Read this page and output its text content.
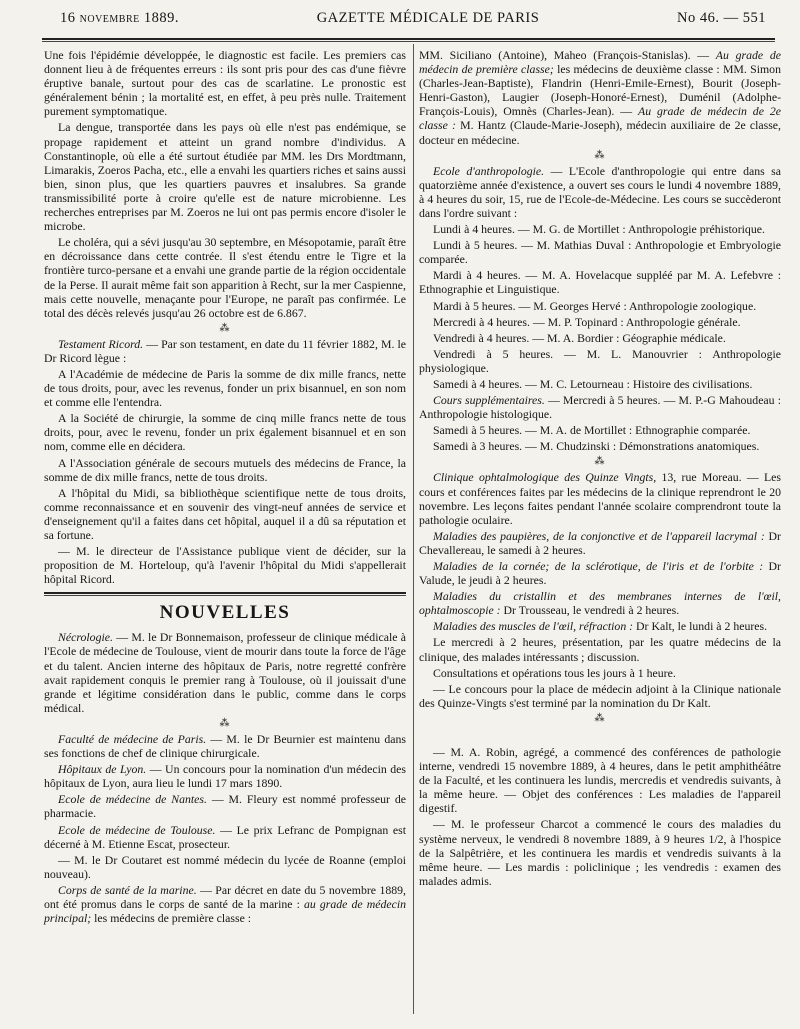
16 novembre 1889.	GAZETTE MÉDICALE DE PARIS	No 46. — 551

Une fois l'épidémie développée, le diagnostic est facile. Les premiers cas donnent lieu à de fréquentes erreurs : ils sont pris pour des cas d'une fièvre éruptive banale, surtout pour des cas de scarlatine. Le pronostic est généralement bénin ; la mortalité est, en effet, à peu près nulle. Traitement purement symptomatique.

La dengue, transportée dans les pays où elle n'est pas endémique, se propage rapidement et atteint un grand nombre d'individus. A Constantinople, où elle a été surtout étudiée par MM. les Drs Mordtmann, Limarakis, Zoeros Pacha, etc., elle a envahi les quartiers riches et sains aussi bien, sinon plus, que les quartiers pauvres et insalubres. Sa grande transmissibilité porte à croire qu'elle est de nature microbienne. Les recherches entreprises par M. Zoeros ne lui ont pas permis encore d'isoler le microbe.

Le choléra, qui a sévi jusqu'au 30 septembre, en Mésopotamie, paraît être en décroissance dans cette contrée. Il s'est étendu entre le Tigre et la frontière turco-persane et a envahi une grande partie de la région occidentale de la Perse. Il aurait même fait son apparition à Recht, sur la mer Caspienne, mais cette nouvelle, menaçante pour l'Europe, ne paraît pas confirmée. Le total des décès relevés jusqu'au 26 octobre est de 6.867.

⁂

Testament Ricord. — Par son testament, en date du 11 février 1882, M. le Dr Ricord lègue :

A l'Académie de médecine de Paris la somme de dix mille francs, nette de tous droits, pour, avec les revenus, fonder un prix bisannuel, en son nom et comme elle l'entendra.

A la Société de chirurgie, la somme de cinq mille francs nette de tous droits, pour, avec le revenu, fonder un prix également bisannuel et en son nom, comme elle en décidera.

A l'Association générale de secours mutuels des médecins de France, la somme de dix mille francs, nette de tous droits.

A l'hôpital du Midi, sa bibliothèque scientifique nette de tous droits, comme reconnaissance et en souvenir des vingt-neuf années de service et d'enseignement qu'il a faites dans cet hôpital, auquel il a dû sa réputation et sa fortune.

— M. le directeur de l'Assistance publique vient de décider, sur la proposition de M. Horteloup, qu'à l'avenir l'hôpital du Midi s'appellerait hôpital Ricord.

NOUVELLES

Nécrologie. — M. le Dr Bonnemaison, professeur de clinique médicale à l'Ecole de médecine de Toulouse, vient de mourir dans toute la force de l'âge et du talent. Ancien interne des hôpitaux de Paris, notre regretté confrère avait rapidement conquis le premier rang à Toulouse, où il jouissait d'une grande et légitime considération dans le public, comme dans le corps médical.

⁂

Faculté de médecine de Paris. — M. le Dr Beurnier est maintenu dans ses fonctions de chef de clinique chirurgicale.

Hôpitaux de Lyon. — Un concours pour la nomination d'un médecin des hôpitaux de Lyon, aura lieu le lundi 17 mars 1890.

Ecole de médecine de Nantes. — M. Fleury est nommé professeur de pharmacie.

Ecole de médecine de Toulouse. — Le prix Lefranc de Pompignan est décerné à M. Etienne Escat, prosecteur.

— M. le Dr Coutaret est nommé médecin du lycée de Roanne (emploi nouveau).

Corps de santé de la marine. — Par décret en date du 5 novembre 1889, ont été promus dans le corps de santé de la marine : au grade de médecin principal; les médecins de première classe :

MM. Siciliano (Antoine), Maheo (François-Stanislas). — Au grade de médecin de première classe; les médecins de deuxième classe : MM. Simon (Charles-Jean-Baptiste), Flandrin (Henri-Emile-Ernest), Bourit (Joseph-Henri-Gaston), Laugier (Joseph-Honoré-Ernest), Duménil (Adolphe-François-Louis), Omnès (Charles-Jean). — Au grade de médecin de 2e classe : M. Hantz (Claude-Marie-Joseph), médecin auxiliaire de 2e classe, docteur en médecine.

⁂

Ecole d'anthropologie. — L'Ecole d'anthropologie qui entre dans sa quatorzième année d'existence, a ouvert ses cours le lundi 4 novembre 1889, à 4 heures du soir, 15, rue de l'Ecole-de-Médecine. Les cours se succèderont dans l'ordre suivant :

Lundi à 4 heures. — M. G. de Mortillet : Anthropologie préhistorique.

Lundi à 5 heures. — M. Mathias Duval : Anthropologie et Embryologie comparée.

Mardi à 4 heures. — M. A. Hovelacque suppléé par M. A. Lefebvre : Ethnographie et Linguistique.

Mardi à 5 heures. — M. Georges Hervé : Anthropologie zoologique.

Mercredi à 4 heures. — M. P. Topinard : Anthropologie générale.

Vendredi à 4 heures. — M. A. Bordier : Géographie médicale.

Vendredi à 5 heures. — M. L. Manouvrier : Anthropologie physiologique.

Samedi à 4 heures. — M. C. Letourneau : Histoire des civilisations.

Cours supplémentaires. — Mercredi à 5 heures. — M. P.-G Mahoudeau : Anthropologie histologique.

Samedi à 5 heures. — M. A. de Mortillet : Ethnographie comparée.

Samedi à 3 heures. — M. Chudzinski : Démonstrations anatomiques.

⁂

Clinique ophtalmologique des Quinze Vingts, 13, rue Moreau. — Les cours et conférences faites par les médecins de la clinique reprendront le 20 novembre. Les leçons faites pendant l'année scolaire comprendront toute la pathologie oculaire.

Maladies des paupières, de la conjonctive et de l'appareil lacrymal : Dr Chevallereau, le samedi à 2 heures.

Maladies de la cornée; de la sclérotique, de l'iris et de l'orbite : Dr Valude, le jeudi à 2 heures.

Maladies du cristallin et des membranes internes de l'œil, ophtalmoscopie : Dr Trousseau, le vendredi à 2 heures.

Maladies des muscles de l'œil, réfraction : Dr Kalt, le lundi à 2 heures.

Le mercredi à 2 heures, présentation, par les quatre médecins de la clinique, des malades intéressants ; discussion.

Consultations et opérations tous les jours à 1 heure.

— Le concours pour la place de médecin adjoint à la Clinique nationale des Quinze-Vingts s'est terminé par la nomination du Dr Kalt.

⁂

— M. A. Robin, agrégé, a commencé des conférences de pathologie interne, vendredi 15 novembre 1889, à 4 heures, dans le petit amphithéâtre de la Faculté, et les continuera les lundis, mercredis et vendredis suivants, à la même heure. — Objet des conférences : Les maladies de l'appareil digestif.

— M. le professeur Charcot a commencé le cours des maladies du système nerveux, le vendredi 8 novembre 1889, à 9 heures 1/2, à l'hospice de la Salpêtrière, et les continuera les mardis et vendredis suivants à la même heure. — Les mardis : policlinique ; les vendredis : examen des malades admis.
